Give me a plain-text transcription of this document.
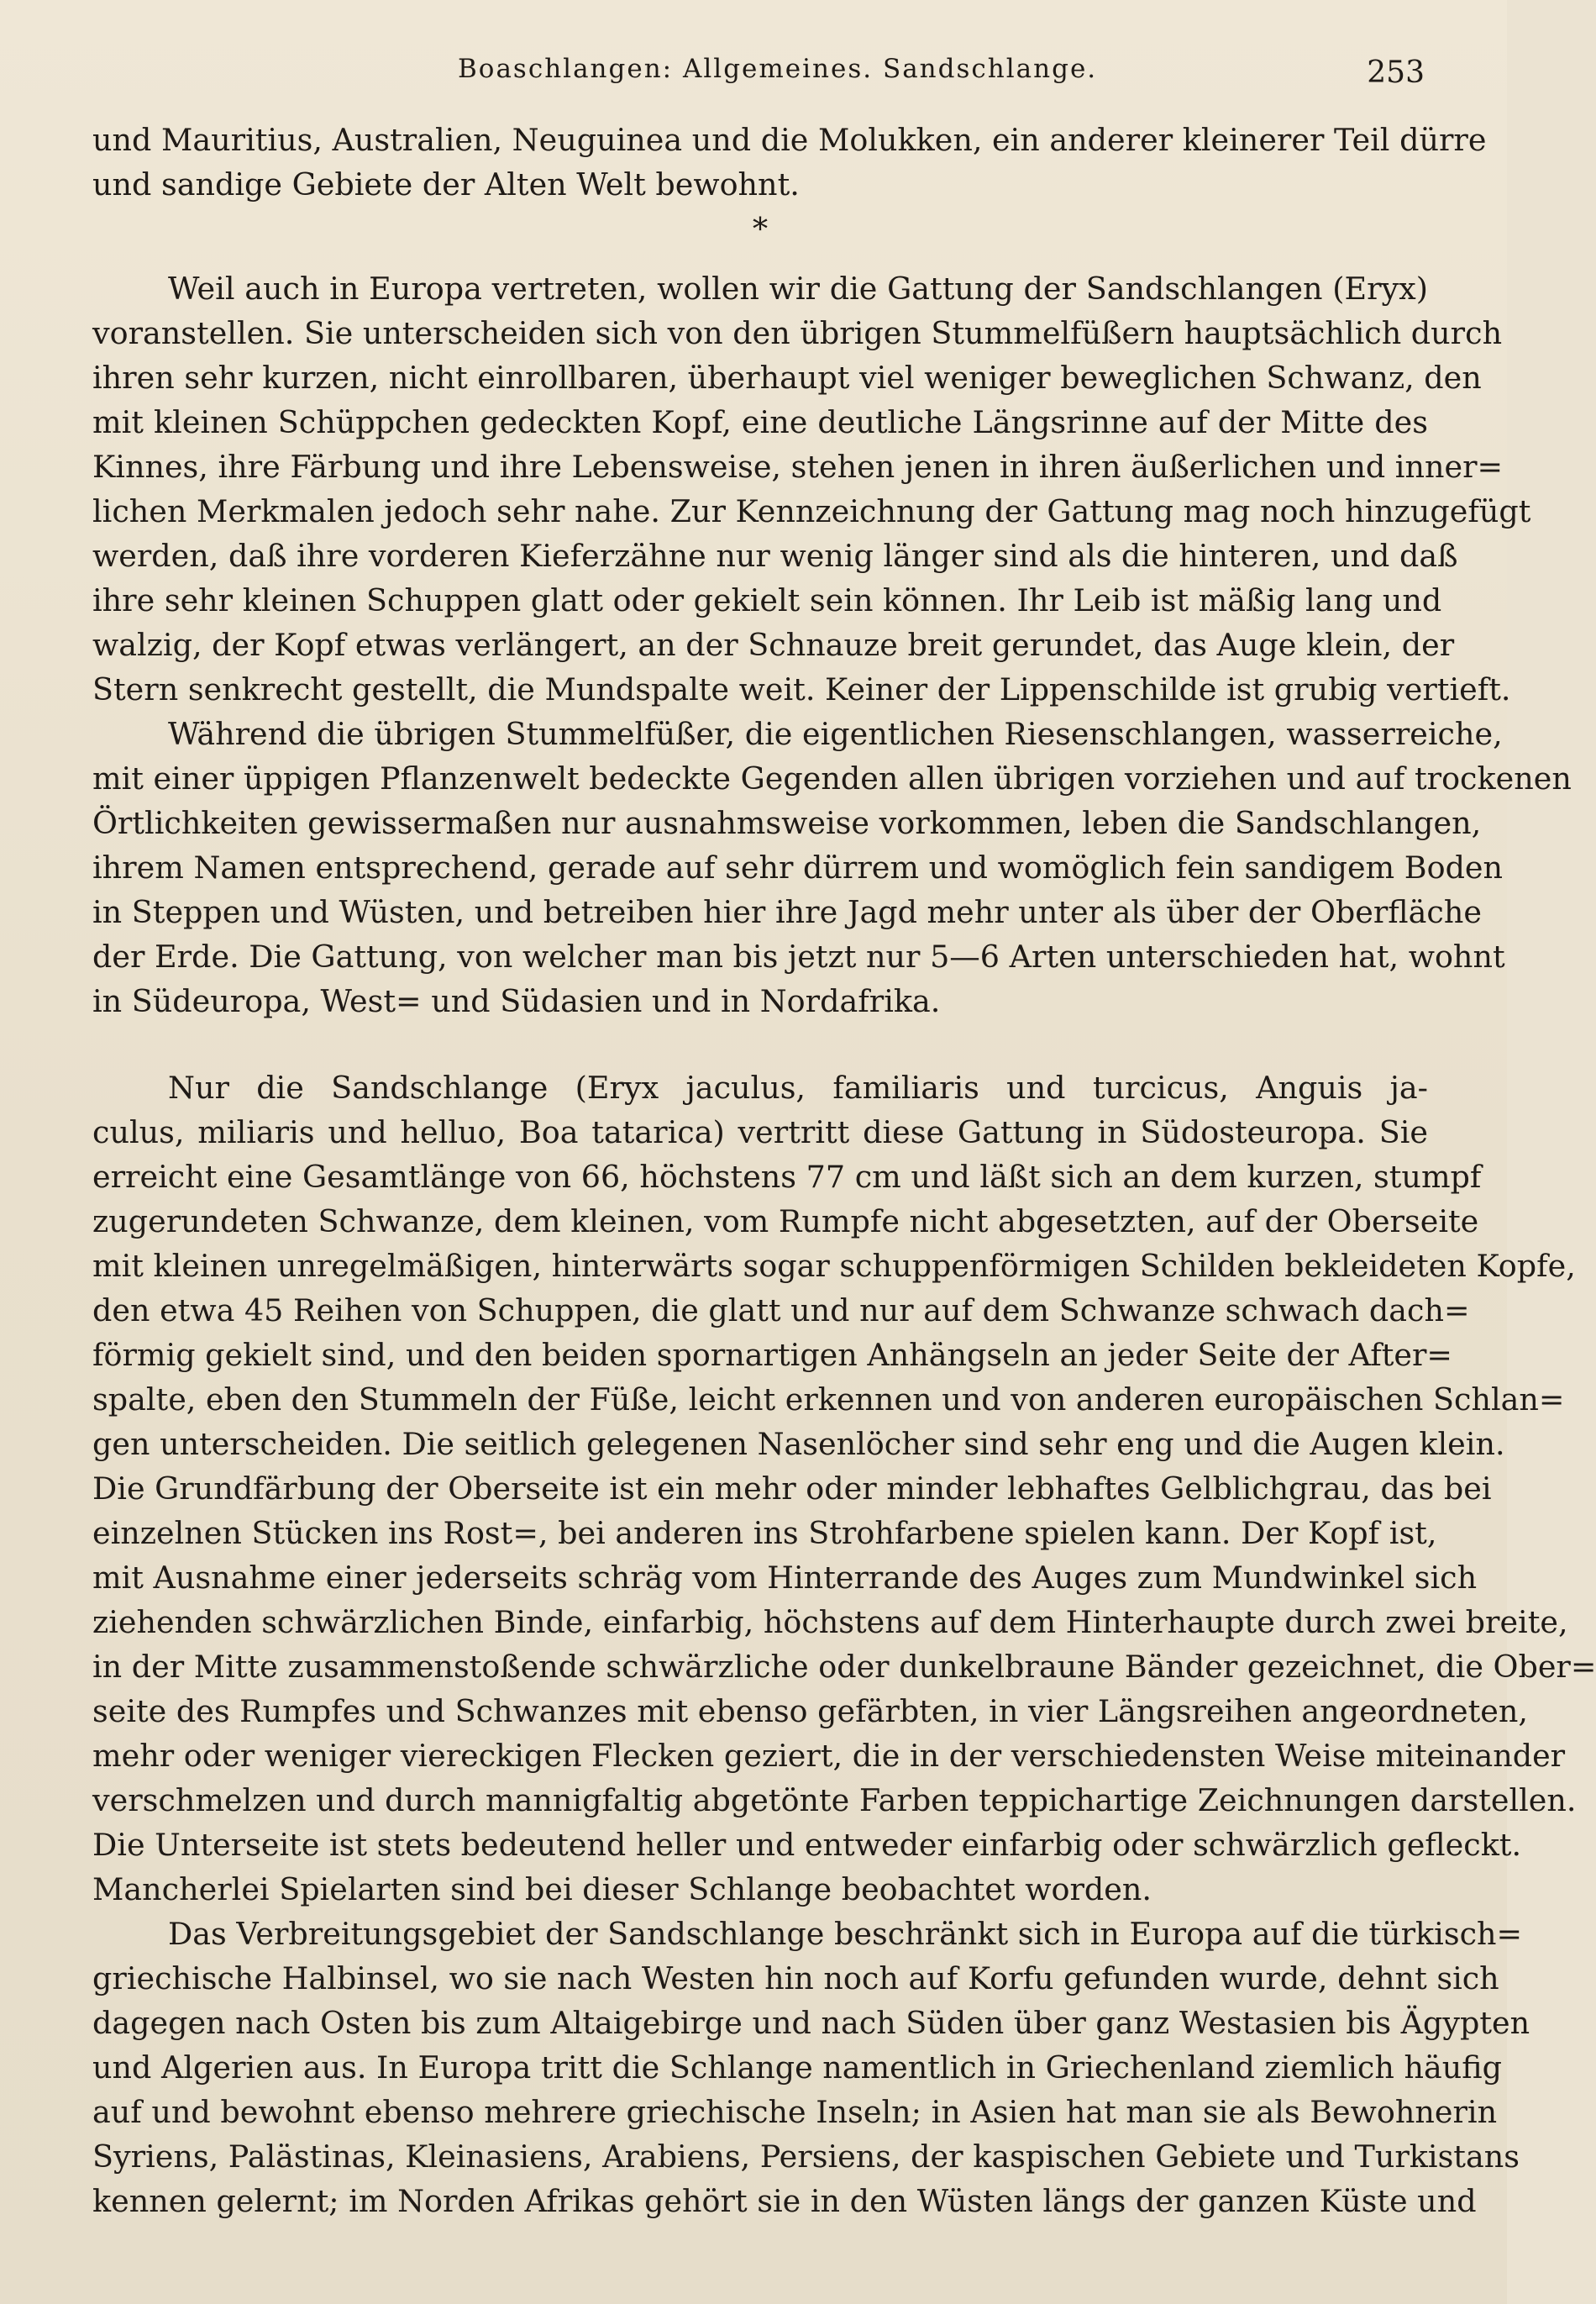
Boaschlangen: Allgemeines. Sandschlange.	253
und Mauritius, Australien, Neuguinea und die Molukken, ein anderer kleinerer Teil dürre
und sandige Gebiete der Alten Welt bewohnt.
*
Weil auch in Europa vertreten, wollen wir die Gattung der Sandschlangen (Eryx)
voranstellen. Sie unterscheiden sich von den übrigen Stummelfüßern hauptsächlich durch
ihren sehr kurzen, nicht einrollbaren, überhaupt viel weniger beweglichen Schwanz, den
mit kleinen Schüppchen gedeckten Kopf, eine deutliche Längsrinne auf der Mitte des
Kinnes, ihre Färbung und ihre Lebensweise, stehen jenen in ihren äußerlichen und inner=
lichen Merkmalen jedoch sehr nahe. Zur Kennzeichnung der Gattung mag noch hinzugefügt
werden, daß ihre vorderen Kieferzähne nur wenig länger sind als die hinteren, und daß
ihre sehr kleinen Schuppen glatt oder gekielt sein können. Ihr Leib ist mäßig lang und
walzig, der Kopf etwas verlängert, an der Schnauze breit gerundet, das Auge klein, der
Stern senkrecht gestellt, die Mundspalte weit. Keiner der Lippenschilde ist grubig vertieft.
Während die übrigen Stummelfüßer, die eigentlichen Riesenschlangen, wasserreiche,
mit einer üppigen Pflanzenwelt bedeckte Gegenden allen übrigen vorziehen und auf trockenen
Örtlichkeiten gewissermaßen nur ausnahmsweise vorkommen, leben die Sandschlangen,
ihrem Namen entsprechend, gerade auf sehr dürrem und womöglich fein sandigem Boden
in Steppen und Wüsten, und betreiben hier ihre Jagd mehr unter als über der Oberfläche
der Erde. Die Gattung, von welcher man bis jetzt nur 5—6 Arten unterschieden hat, wohnt
in Südeuropa, West= und Südasien und in Nordafrika.
Nur die Sandschlange (Eryx jaculus, familiaris und turcicus, Anguis ja-
culus, miliaris und helluo, Boa tatarica) vertritt diese Gattung in Südosteuropa. Sie
erreicht eine Gesamtlänge von 66, höchstens 77 cm und läßt sich an dem kurzen, stumpf
zugerundeten Schwanze, dem kleinen, vom Rumpfe nicht abgesetzten, auf der Oberseite
mit kleinen unregelmäßigen, hinterwärts sogar schuppenförmigen Schilden bekleideten Kopfe,
den etwa 45 Reihen von Schuppen, die glatt und nur auf dem Schwanze schwach dach=
förmig gekielt sind, und den beiden spornartigen Anhängseln an jeder Seite der After=
spalte, eben den Stummeln der Füße, leicht erkennen und von anderen europäischen Schlan=
gen unterscheiden. Die seitlich gelegenen Nasenlöcher sind sehr eng und die Augen klein.
Die Grundfärbung der Oberseite ist ein mehr oder minder lebhaftes Gelblichgrau, das bei
einzelnen Stücken ins Rost=, bei anderen ins Strohfarbene spielen kann. Der Kopf ist,
mit Ausnahme einer jederseits schräg vom Hinterrande des Auges zum Mundwinkel sich
ziehenden schwärzlichen Binde, einfarbig, höchstens auf dem Hinterhaupte durch zwei breite,
in der Mitte zusammenstoßende schwärzliche oder dunkelbraune Bänder gezeichnet, die Ober=
seite des Rumpfes und Schwanzes mit ebenso gefärbten, in vier Längsreihen angeordneten,
mehr oder weniger viereckigen Flecken geziert, die in der verschiedensten Weise miteinander
verschmelzen und durch mannigfaltig abgetönte Farben teppichartige Zeichnungen darstellen.
Die Unterseite ist stets bedeutend heller und entweder einfarbig oder schwärzlich gefleckt.
Mancherlei Spielarten sind bei dieser Schlange beobachtet worden.
Das Verbreitungsgebiet der Sandschlange beschränkt sich in Europa auf die türkisch=
griechische Halbinsel, wo sie nach Westen hin noch auf Korfu gefunden wurde, dehnt sich
dagegen nach Osten bis zum Altaigebirge und nach Süden über ganz Westasien bis Ägypten
und Algerien aus. In Europa tritt die Schlange namentlich in Griechenland ziemlich häufig
auf und bewohnt ebenso mehrere griechische Inseln; in Asien hat man sie als Bewohnerin
Syriens, Palästinas, Kleinasiens, Arabiens, Persiens, der kaspischen Gebiete und Turkistans
kennen gelernt; im Norden Afrikas gehört sie in den Wüsten längs der ganzen Küste und
